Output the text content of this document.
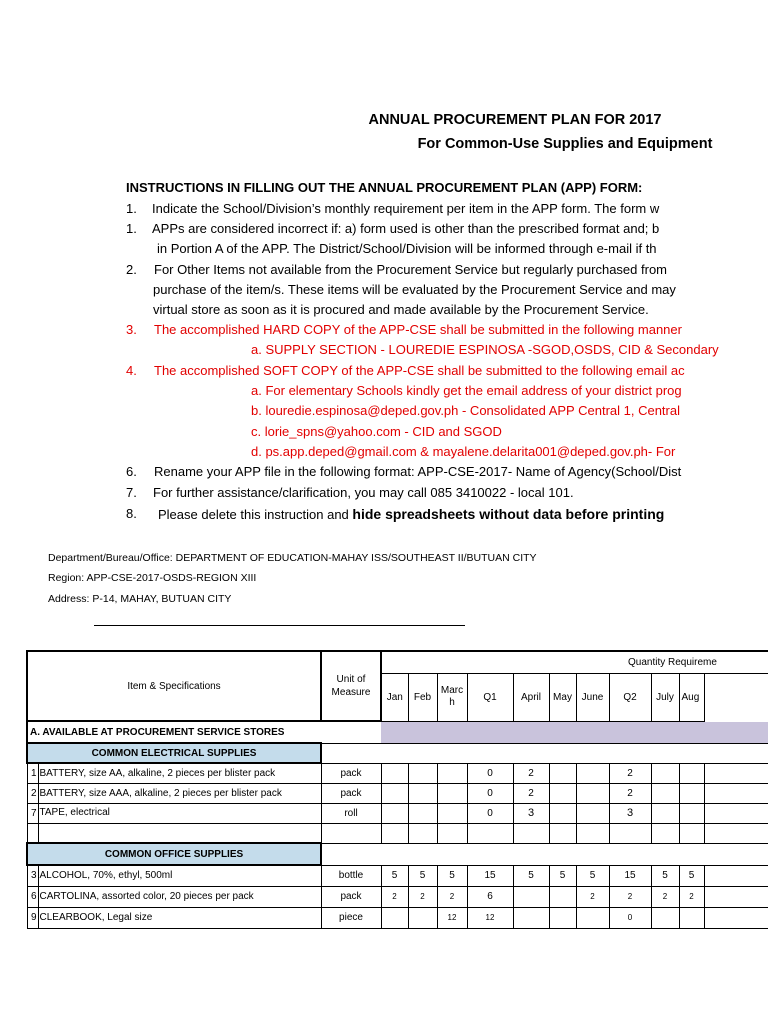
ANNUAL PROCUREMENT PLAN FOR 2017
For Common-Use Supplies and Equipment
INSTRUCTIONS IN FILLING OUT THE ANNUAL PROCUREMENT PLAN (APP) FORM:
1. Indicate the School/Division’s monthly requirement per item in the APP form. The form w
1. APPs are considered incorrect if: a) form used is other than the prescribed format and; b
in Portion A of the APP. The District/School/Division will be informed through e-mail if th
2. For Other Items not available from the Procurement Service but regularly purchased from
purchase of the item/s. These items will be evaluated by the Procurement Service and may
virtual store as soon as it is procured and made available by the Procurement Service.
3. The accomplished HARD COPY of the APP-CSE shall be submitted in the following manner
a. SUPPLY SECTION - LOUREDIE ESPINOSA -SGOD,OSDS, CID & Secondary
4. The accomplished SOFT COPY of the APP-CSE shall be submitted to the following email ac
a. For elementary Schools kindly get the email address of your district prog
b. louredie.espinosa@deped.gov.ph - Consolidated APP Central 1, Central
c. lorie_spns@yahoo.com - CID and SGOD
d. ps.app.deped@gmail.com & mayalene.delarita001@deped.gov.ph- For
6. Rename your APP file in the following format: APP-CSE-2017- Name of Agency(School/Dist
7. For further assistance/clarification, you may call 085 3410022 - local 101.
8. Please delete this instruction and hide spreadsheets without data before printing
Department/Bureau/Office: DEPARTMENT OF EDUCATION-MAHAY ISS/SOUTHEAST II/BUTUAN CITY
Region: APP-CSE-2017-OSDS-REGION XIII
Address: P-14, MAHAY, BUTUAN CITY
Item & Specifications		Unit of
Measure	Quantity Requireme										
			Jan	Feb	Marc h	Q1	April	May	June	Q2	July	Aug	
A. AVAILABLE AT PROCUREMENT SERVICE STORES													
COMMON ELECTRICAL SUPPLIES													
1	BATTERY, size AA, alkaline, 2 pieces per blister pack	pack				0	2			2			
2	BATTERY, size AAA, alkaline, 2 pieces per blister pack	pack				0	2			2			
7	TAPE, electrical	roll				0	3			3			

COMMON OFFICE SUPPLIES													
3	ALCOHOL, 70%, ethyl, 500ml	bottle	5	5	5	15	5	5	5	15	5	5	
6	CARTOLINA, assorted color, 20 pieces per pack	pack	2	2	2	6			2	2	2	2	
9	CLEARBOOK, Legal size	piece			12	12				0			
